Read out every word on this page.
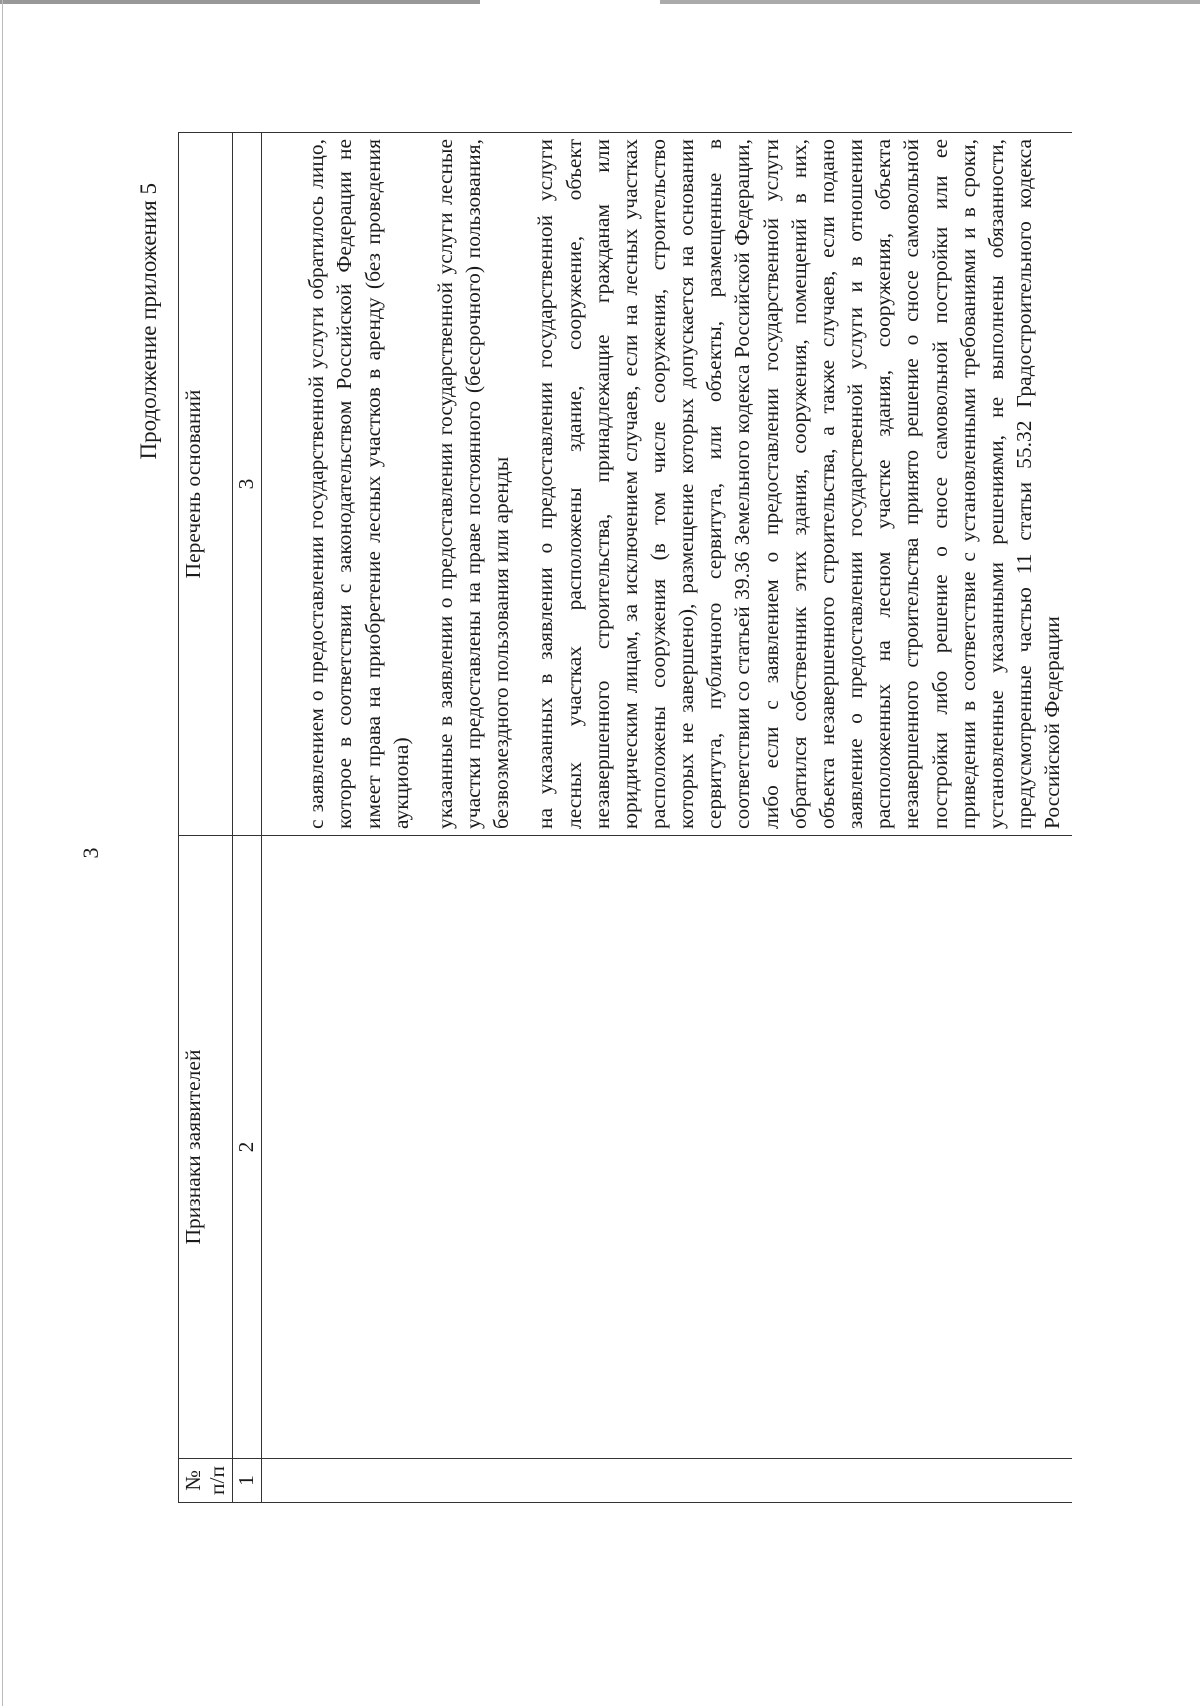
3
Продолжение приложения 5
№ п/п	Признаки заявителей	Перечень оснований
1	2	3

		с заявлением о предоставлении государственной услуги обратилось лицо, которое в соответствии с законодательством Российской Федерации не имеет права на приобретение лесных участков в аренду (без проведения аукциона) указанные в заявлении о предоставлении государственной услуги лесные участки предоставлены на праве постоянного (бессрочного) пользования, безвозмездного пользования или аренды на указанных в заявлении о предоставлении государственной услуги лесных участках расположены здание, сооружение, объект незавершенного строительства, принадлежащие гражданам или юридическим лицам, за исключением случаев, если на лесных участках расположены сооружения (в том числе сооружения, строительство которых не завершено), размещение которых допускается на основании сервитута, публичного сервитута, или объекты, размещенные в соответствии со статьей 39.36 Земельного кодекса Российской Федерации, либо если с заявлением о предоставлении государственной услуги обратился собственник этих здания, сооружения, помещений в них, объекта незавершенного строительства, а также случаев, если подано заявление о предоставлении государственной услуги и в отношении расположенных на лесном участке здания, сооружения, объекта незавершенного строительства принято решение о сносе самовольной постройки либо решение о сносе самовольной постройки или ее приведении в соответствие с установленными требованиями и в сроки, установленные указанными решениями, не выполнены обязанности, предусмотренные частью 11 статьи 55.32 Градостроительного кодекса Российской Федерации
